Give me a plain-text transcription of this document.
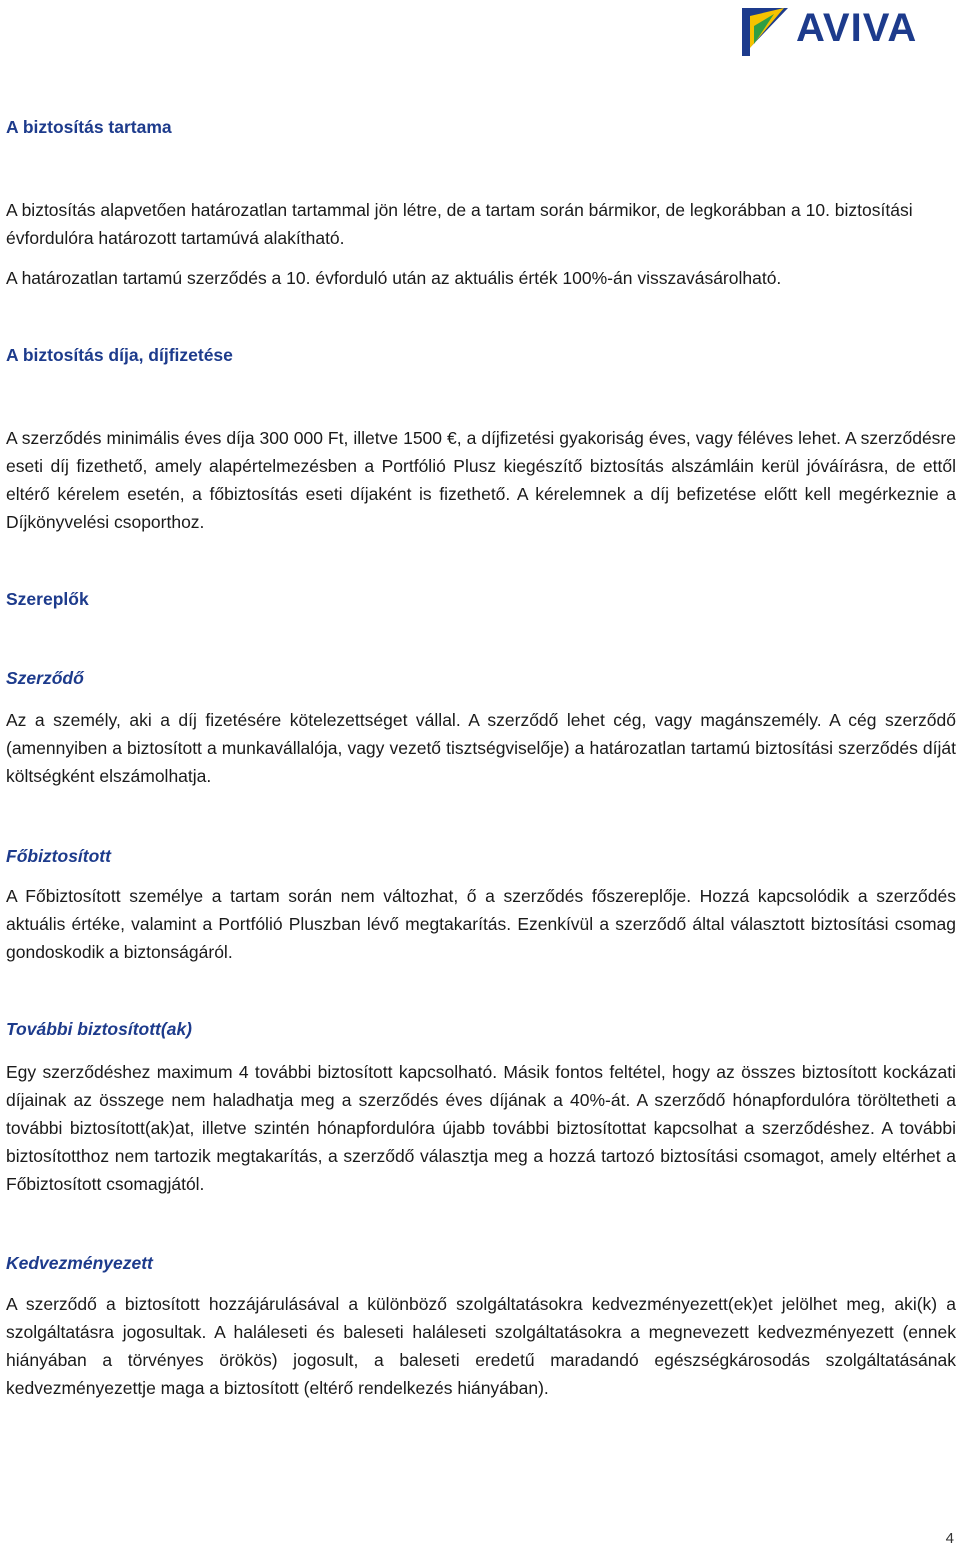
AVIVA
A biztosítás tartama

A biztosítás alapvetően határozatlan tartammal jön létre, de a tartam során bármikor, de legkorábban a 10. biztosítási évfordulóra határozott tartamúvá alakítható.

A határozatlan tartamú szerződés a 10. évforduló után az aktuális érték 100%-án visszavásárolható.

A biztosítás díja, díjfizetése

A szerződés minimális éves díja 300 000 Ft, illetve 1500 €, a díjfizetési gyakoriság éves, vagy féléves lehet. A szerződésre eseti díj fizethető, amely alapértelmezésben a Portfólió Plusz kiegészítő biztosítás alszámláin kerül jóváírásra, de ettől eltérő kérelem esetén, a főbiztosítás eseti díjaként is fizethető. A kérelemnek a díj befizetése előtt kell megérkeznie a Díjkönyvelési csoporthoz.

Szereplők
Szerződő

Az a személy, aki a díj fizetésére kötelezettséget vállal. A szerződő lehet cég, vagy magánszemély. A cég szerződő (amennyiben a biztosított a munkavállalója, vagy vezető tisztségviselője) a határozatlan tartamú biztosítási szerződés díját költségként elszámolhatja.

Főbiztosított

A Főbiztosított személye a tartam során nem változhat, ő a szerződés főszereplője. Hozzá kapcsolódik a szerződés aktuális értéke, valamint a Portfólió Pluszban lévő megtakarítás. Ezenkívül a szerződő által választott biztosítási csomag gondoskodik a biztonságáról.

További biztosított(ak)

Egy szerződéshez maximum 4 további biztosított kapcsolható. Másik fontos feltétel, hogy az összes biztosított kockázati díjainak az összege nem haladhatja meg a szerződés éves díjának a 40%-át. A szerződő hónapfordulóra töröltetheti a további biztosított(ak)at, illetve szintén hónapfordulóra újabb további biztosítottat kapcsolhat a szerződéshez. A további biztosítotthoz nem tartozik megtakarítás, a szerződő választja meg a hozzá tartozó biztosítási csomagot, amely eltérhet a Főbiztosított csomagjától.

Kedvezményezett

A szerződő a biztosított hozzájárulásával a különböző szolgáltatásokra kedvezményezett(ek)et jelölhet meg, aki(k) a szolgáltatásra jogosultak. A haláleseti és baleseti haláleseti szolgáltatásokra a megnevezett kedvezményezett (ennek hiányában a törvényes örökös) jogosult, a baleseti eredetű maradandó egészségkárosodás szolgáltatásának kedvezményezettje maga a biztosított (eltérő rendelkezés hiányában).

4
